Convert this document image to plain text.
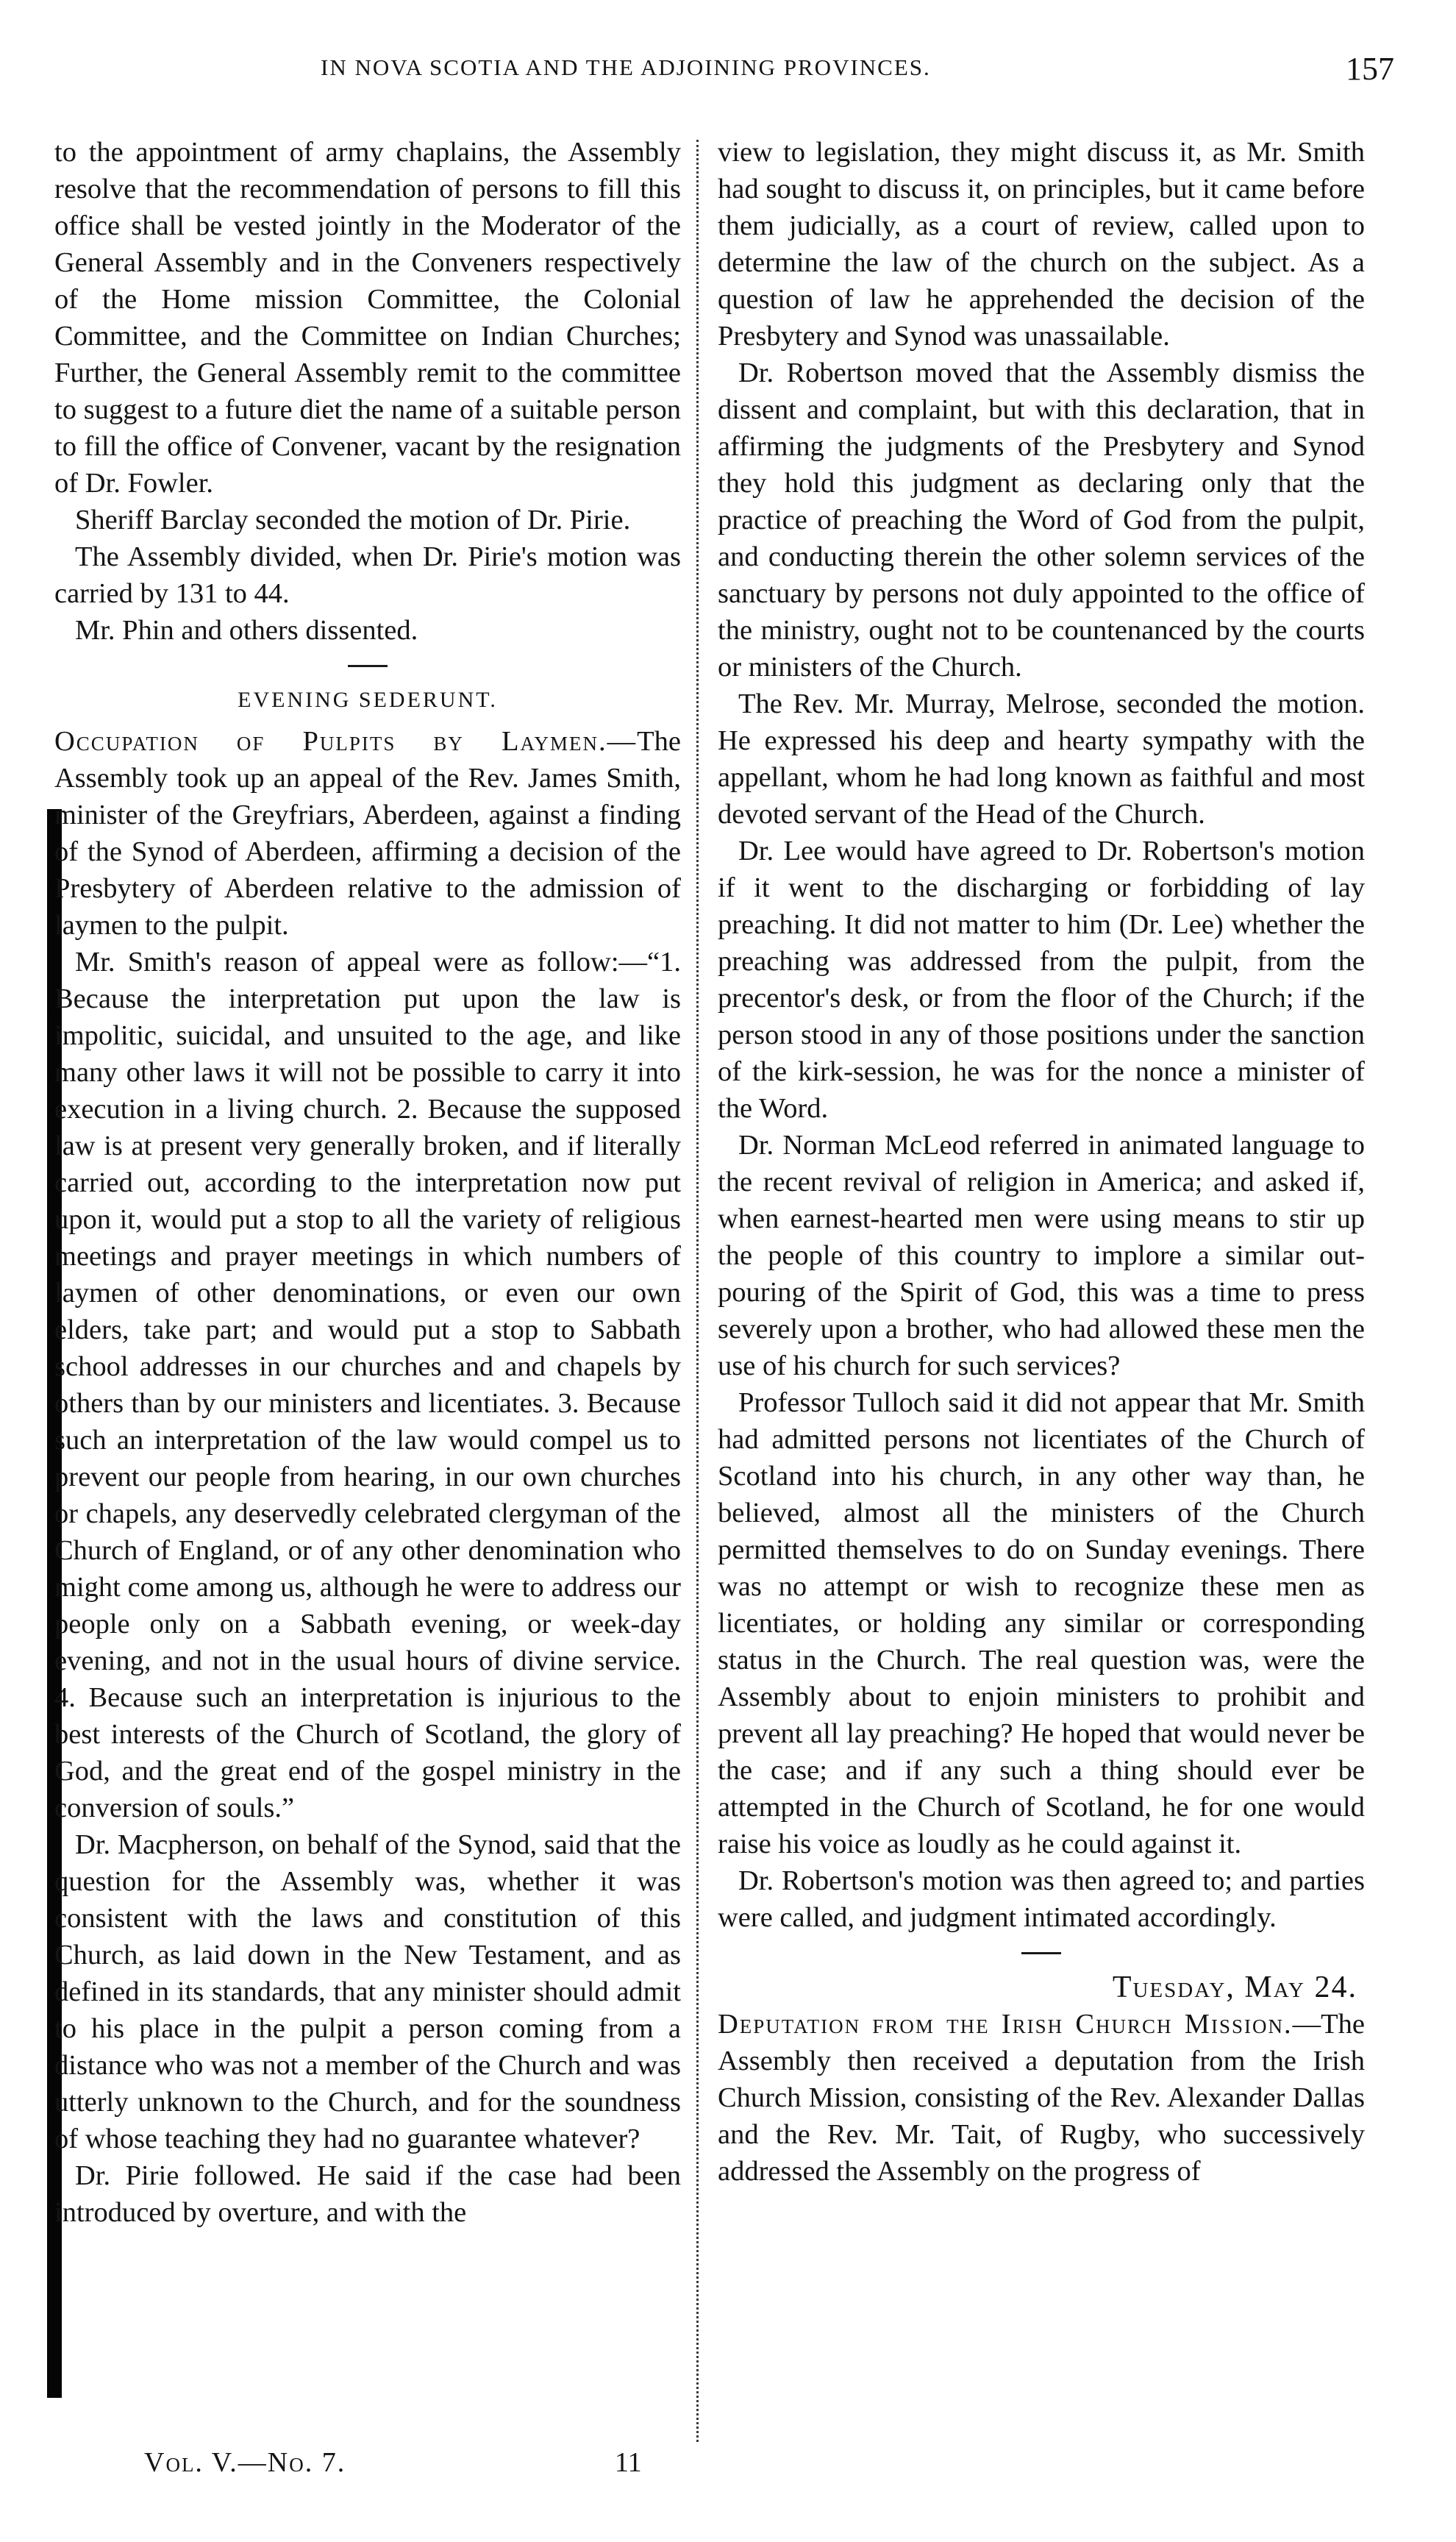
IN NOVA SCOTIA AND THE ADJOINING PROVINCES.	157

to the appointment of army chaplains, the Assembly resolve that the recommendation of persons to fill this office shall be vested jointly in the Moderator of the General Assembly and in the Conveners respectively of the Home mission Committee, the Colonial Committee, and the Committee on Indian Churches; Further, the General Assembly remit to the committee to suggest to a future diet the name of a suitable person to fill the office of Convener, vacant by the resignation of Dr. Fowler.

Sheriff Barclay seconded the motion of Dr. Pirie.

The Assembly divided, when Dr. Pirie's motion was carried by 131 to 44.

Mr. Phin and others dissented.

EVENING SEDERUNT.

Occupation of Pulpits by Laymen.—The Assembly took up an appeal of the Rev. James Smith, minister of the Greyfriars, Aberdeen, against a finding of the Synod of Aberdeen, affirming a decision of the Presbytery of Aberdeen relative to the admission of laymen to the pulpit.

Mr. Smith's reason of appeal were as follow:—“1. Because the interpretation put upon the law is impolitic, suicidal, and unsuited to the age, and like many other laws it will not be possible to carry it into execution in a living church. 2. Because the supposed law is at present very generally broken, and if literally carried out, according to the interpretation now put upon it, would put a stop to all the variety of religious meetings and prayer meetings in which numbers of laymen of other denominations, or even our own elders, take part; and would put a stop to Sabbath school addresses in our churches and and chapels by others than by our ministers and licentiates. 3. Because such an interpretation of the law would compel us to prevent our people from hearing, in our own churches or chapels, any deservedly celebrated clergyman of the Church of England, or of any other denomination who might come among us, although he were to address our people only on a Sabbath evening, or week-day evening, and not in the usual hours of divine service. 4. Because such an interpretation is injurious to the best interests of the Church of Scotland, the glory of God, and the great end of the gospel ministry in the conversion of souls.”

Dr. Macpherson, on behalf of the Synod, said that the question for the Assembly was, whether it was consistent with the laws and constitution of this Church, as laid down in the New Testament, and as defined in its standards, that any minister should admit to his place in the pulpit a person coming from a distance who was not a member of the Church and was utterly unknown to the Church, and for the soundness of whose teaching they had no guarantee whatever?

Dr. Pirie followed. He said if the case had been introduced by overture, and with the

view to legislation, they might discuss it, as Mr. Smith had sought to discuss it, on principles, but it came before them judicially, as a court of review, called upon to determine the law of the church on the subject. As a question of law he apprehended the decision of the Presbytery and Synod was unassailable.

Dr. Robertson moved that the Assembly dismiss the dissent and complaint, but with this declaration, that in affirming the judgments of the Presbytery and Synod they hold this judgment as declaring only that the practice of preaching the Word of God from the pulpit, and conducting therein the other solemn services of the sanctuary by persons not duly appointed to the office of the ministry, ought not to be countenanced by the courts or ministers of the Church.

The Rev. Mr. Murray, Melrose, seconded the motion. He expressed his deep and hearty sympathy with the appellant, whom he had long known as faithful and most devoted servant of the Head of the Church.

Dr. Lee would have agreed to Dr. Robertson's motion if it went to the discharging or forbidding of lay preaching. It did not matter to him (Dr. Lee) whether the preaching was addressed from the pulpit, from the precentor's desk, or from the floor of the Church; if the person stood in any of those positions under the sanction of the kirk-session, he was for the nonce a minister of the Word.

Dr. Norman McLeod referred in animated language to the recent revival of religion in America; and asked if, when earnest-hearted men were using means to stir up the people of this country to implore a similar out-pouring of the Spirit of God, this was a time to press severely upon a brother, who had allowed these men the use of his church for such services?

Professor Tulloch said it did not appear that Mr. Smith had admitted persons not licentiates of the Church of Scotland into his church, in any other way than, he believed, almost all the ministers of the Church permitted themselves to do on Sunday evenings. There was no attempt or wish to recognize these men as licentiates, or holding any similar or corresponding status in the Church. The real question was, were the Assembly about to enjoin ministers to prohibit and prevent all lay preaching? He hoped that would never be the case; and if any such a thing should ever be attempted in the Church of Scotland, he for one would raise his voice as loudly as he could against it.

Dr. Robertson's motion was then agreed to; and parties were called, and judgment intimated accordingly.

Tuesday, May 24.

Deputation from the Irish Church Mission.—The Assembly then received a deputation from the Irish Church Mission, consisting of the Rev. Alexander Dallas and the Rev. Mr. Tait, of Rugby, who successively addressed the Assembly on the progress of

Vol. V.—No. 7.	11
